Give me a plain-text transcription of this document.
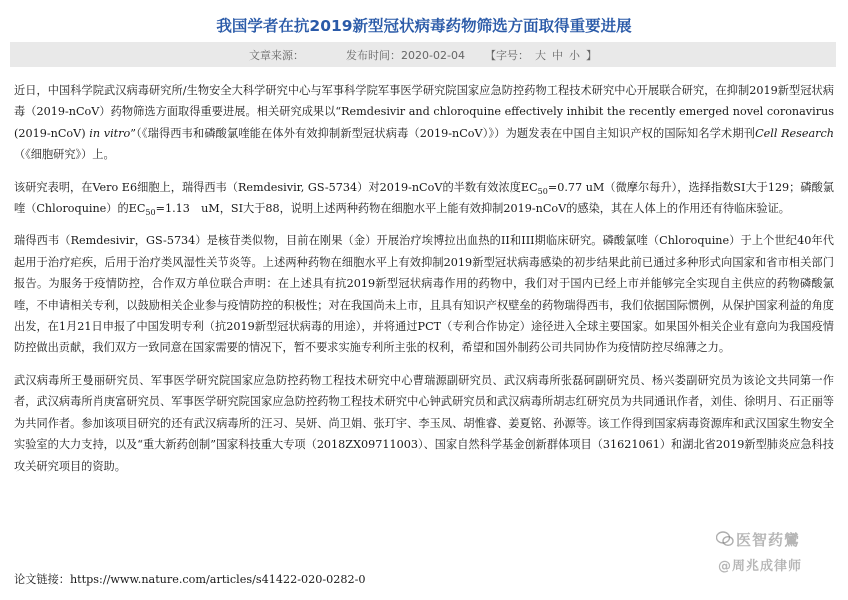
我国学者在抗2019新型冠状病毒药物筛选方面取得重要进展
文章来源：	发布时间：2020-02-04 【字号： 大 中 小 】

近日，中国科学院武汉病毒研究所/生物安全大科学研究中心与军事科学院军事医学研究院国家应急防控药物工程技术研究中心开展联合研究，在抑制2019新型冠状病毒（2019-nCoV）药物筛选方面取得重要进展。相关研究成果以“Remdesivir and chloroquine effectively inhibit the recently emerged novel coronavirus (2019-nCoV) in vitro”（《瑞得西韦和磷酸氯喹能在体外有效抑制新型冠状病毒（2019-nCoV）》）为题发表在中国自主知识产权的国际知名学术期刊Cell Research（《细胞研究》）上。

该研究表明，在Vero E6细胞上，瑞得西韦（Remdesivir, GS-5734）对2019-nCoV的半数有效浓度$EC_{50}=0.77$ uM（微摩尔每升），选择指数SI大于129；磷酸氯喹（Chloroquine）的$EC_{50}=1.13$　uM，SI大于88，说明上述两种药物在细胞水平上能有效抑制2019-nCoV的感染，其在人体上的作用还有待临床验证。

瑞得西韦（Remdesivir，GS-5734）是核苷类似物，目前在刚果（金）开展治疗埃博拉出血热的II和III期临床研究。磷酸氯喹（Chloroquine）于上个世纪40年代起用于治疗疟疾，后用于治疗类风湿性关节炎等。上述两种药物在细胞水平上有效抑制2019新型冠状病毒感染的初步结果此前已通过多种形式向国家和省市相关部门报告。为服务于疫情防控，合作双方单位联合声明：在上述具有抗2019新型冠状病毒作用的药物中，我们对于国内已经上市并能够完全实现自主供应的药物磷酸氯喹，不申请相关专利，以鼓励相关企业参与疫情防控的积极性；对在我国尚未上市，且具有知识产权壁垒的药物瑞得西韦，我们依据国际惯例，从保护国家利益的角度出发，在1月21日申报了中国发明专利（抗2019新型冠状病毒的用途），并将通过PCT（专利合作协定）途径进入全球主要国家。如果国外相关企业有意向为我国疫情防控做出贡献，我们双方一致同意在国家需要的情况下，暂不要求实施专利所主张的权利，希望和国外制药公司共同协作为疫情防控尽绵薄之力。

武汉病毒所王曼丽研究员、军事医学研究院国家应急防控药物工程技术研究中心曹瑞源副研究员、武汉病毒所张磊砢副研究员、杨兴娄副研究员为该论文共同第一作者，武汉病毒所肖庚富研究员、军事医学研究院国家应急防控药物工程技术研究中心钟武研究员和武汉病毒所胡志红研究员为共同通讯作者，刘佳、徐明月、石正丽等为共同作者。参加该项目研究的还有武汉病毒所的汪习、吴妍、尚卫娟、张玎宇、李玉凤、胡惟睿、姜夏铭、孙源等。该工作得到国家病毒资源库和武汉国家生物安全实验室的大力支持，以及“重大新药创制”国家科技重大专项（2018ZX09711003）、国家自然科学基金创新群体项目（31621061）和湖北省2019新型肺炎应急科技攻关研究项目的资助。

论文链接：https://www.nature.com/articles/s41422-020-0282-0
医智药鸞
@周兆成律师
